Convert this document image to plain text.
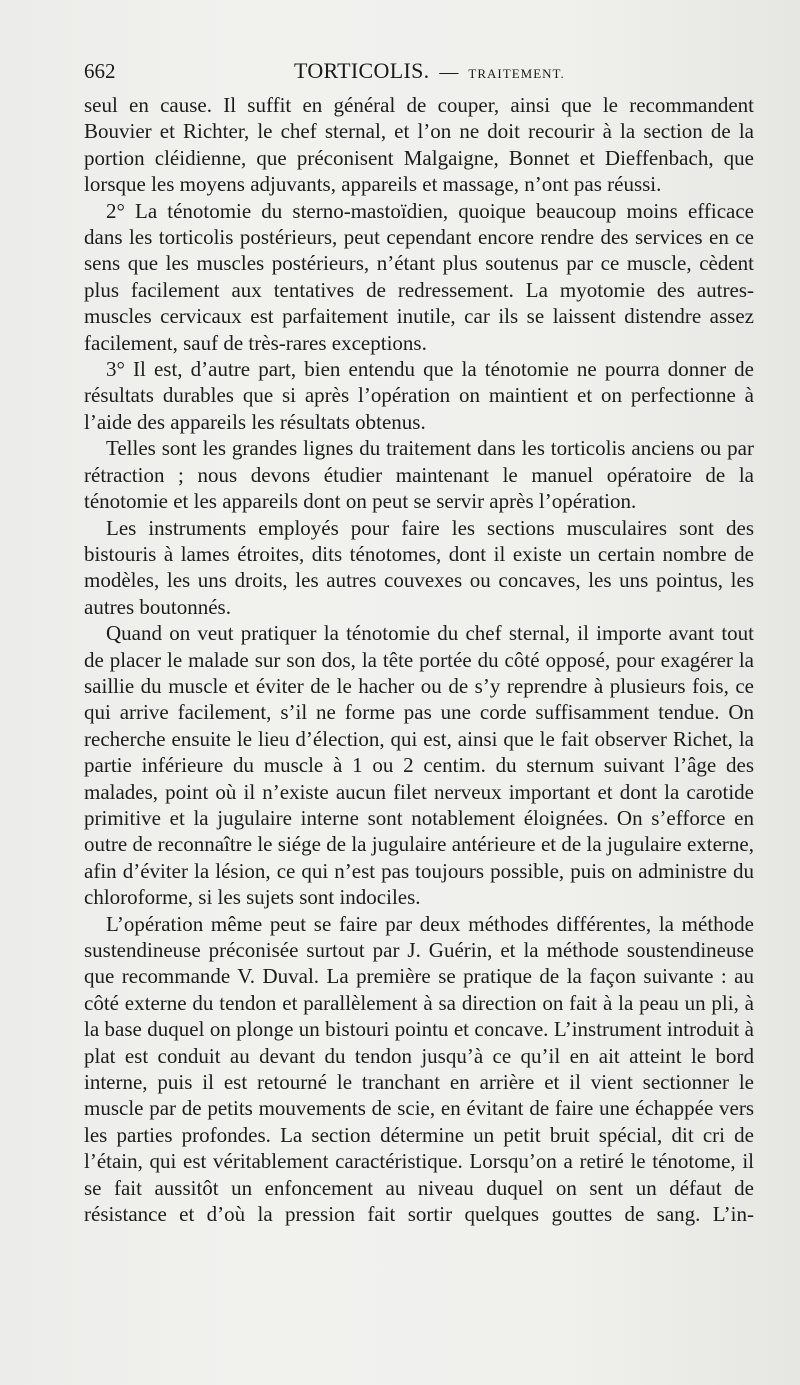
662	TORTICOLIS. — TRAITEMENT.

seul en cause. Il suffit en général de couper, ainsi que le recommandent Bouvier et Richter, le chef sternal, et l’on ne doit recourir à la section de la portion cléidienne, que préconisent Malgaigne, Bonnet et Dieffenbach, que lorsque les moyens adjuvants, appareils et massage, n’ont pas réussi.

2° La ténotomie du sterno-mastoïdien, quoique beaucoup moins efficace dans les torticolis postérieurs, peut cependant encore rendre des services en ce sens que les muscles postérieurs, n’étant plus soutenus par ce muscle, cèdent plus facilement aux tentatives de redressement. La myotomie des autres-muscles cervicaux est parfaitement inutile, car ils se laissent distendre assez facilement, sauf de très-rares exceptions.

3° Il est, d’autre part, bien entendu que la ténotomie ne pourra donner de résultats durables que si après l’opération on maintient et on perfectionne à l’aide des appareils les résultats obtenus.

Telles sont les grandes lignes du traitement dans les torticolis anciens ou par rétraction ; nous devons étudier maintenant le manuel opératoire de la ténotomie et les appareils dont on peut se servir après l’opération.

Les instruments employés pour faire les sections musculaires sont des bistouris à lames étroites, dits ténotomes, dont il existe un certain nombre de modèles, les uns droits, les autres couvexes ou concaves, les uns pointus, les autres boutonnés.

Quand on veut pratiquer la ténotomie du chef sternal, il importe avant tout de placer le malade sur son dos, la tête portée du côté opposé, pour exagérer la saillie du muscle et éviter de le hacher ou de s’y reprendre à plusieurs fois, ce qui arrive facilement, s’il ne forme pas une corde suffisamment tendue. On recherche ensuite le lieu d’élection, qui est, ainsi que le fait observer Richet, la partie inférieure du muscle à 1 ou 2 centim. du sternum suivant l’âge des malades, point où il n’existe aucun filet nerveux important et dont la carotide primitive et la jugulaire interne sont notablement éloignées. On s’efforce en outre de reconnaître le siége de la jugulaire antérieure et de la jugulaire externe, afin d’éviter la lésion, ce qui n’est pas toujours possible, puis on administre du chloroforme, si les sujets sont indociles.

L’opération même peut se faire par deux méthodes différentes, la méthode sustendineuse préconisée surtout par J. Guérin, et la méthode soustendineuse que recommande V. Duval. La première se pratique de la façon suivante : au côté externe du tendon et parallèlement à sa direction on fait à la peau un pli, à la base duquel on plonge un bistouri pointu et concave. L’instrument introduit à plat est conduit au devant du tendon jusqu’à ce qu’il en ait atteint le bord interne, puis il est retourné le tranchant en arrière et il vient sectionner le muscle par de petits mouvements de scie, en évitant de faire une échappée vers les parties profondes. La section détermine un petit bruit spécial, dit cri de l’étain, qui est véritablement caractéristique. Lorsqu’on a retiré le ténotome, il se fait aussitôt un enfoncement au niveau duquel on sent un défaut de résistance et d’où la pression fait sortir quelques gouttes de sang. L’in-
